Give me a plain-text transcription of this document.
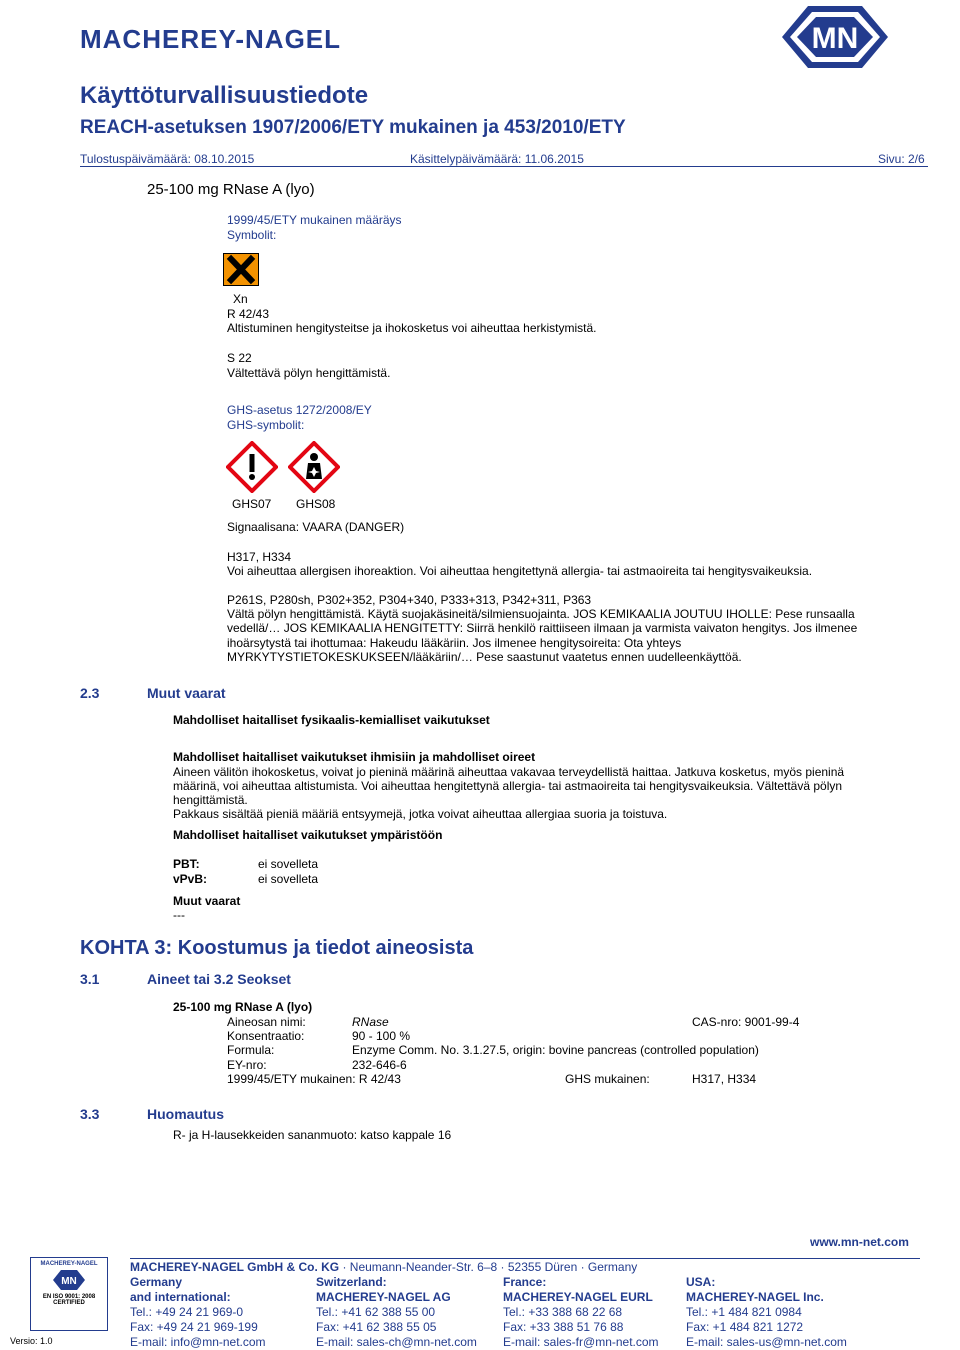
MACHEREY-NAGEL	MN
Käyttöturvallisuustiedote
REACH-asetuksen 1907/2006/ETY mukainen ja 453/2010/ETY
Tulostuspäivämäärä: 08.10.2015	Käsittelypäivämäärä: 11.06.2015	Sivu: 2/6
25-100 mg RNase A (lyo)
1999/45/ETY mukainen määräys
Symbolit:
Xn
R 42/43
Altistuminen hengitysteitse ja ihokosketus voi aiheuttaa herkistymistä.
S 22
Vältettävä pölyn hengittämistä.
GHS-asetus 1272/2008/EY
GHS-symbolit:
GHS07 GHS08
Signaalisana: VAARA (DANGER)
H317, H334
Voi aiheuttaa allergisen ihoreaktion. Voi aiheuttaa hengitettynä allergia- tai astmaoireita tai hengitysvaikeuksia.
P261S, P280sh, P302+352, P304+340, P333+313, P342+311, P363
Vältä pölyn hengittämistä. Käytä suojakäsineitä/silmiensuojainta. JOS KEMIKAALIA JOUTUU IHOLLE: Pese runsaalla
vedellä/… JOS KEMIKAALIA HENGITETTY: Siirrä henkilö raittiiseen ilmaan ja varmista vaivaton hengitys. Jos ilmenee
ihoärsytystä tai ihottumaa: Hakeudu lääkäriin. Jos ilmenee hengitysoireita: Ota yhteys
MYRKYTYSTIETOKESKUKSEEN/lääkäriin/… Pese saastunut vaatetus ennen uudelleenkäyttöä.
2.3	Muut vaarat
Mahdolliset haitalliset fysikaalis-kemialliset vaikutukset
Mahdolliset haitalliset vaikutukset ihmisiin ja mahdolliset oireet
Aineen välitön ihokosketus, voivat jo pieninä määrinä aiheuttaa vakavaa terveydellistä haittaa. Jatkuva kosketus, myös pieninä
määrinä, voi aiheuttaa altistumista. Voi aiheuttaa hengitettynä allergia- tai astmaoireita tai hengitysvaikeuksia. Vältettävä pölyn
hengittämistä.
Pakkaus sisältää pieniä määriä entsyymejä, jotka voivat aiheuttaa allergiaa suoria ja toistuva.
Mahdolliset haitalliset vaikutukset ympäristöön
PBT:	ei sovelleta
vPvB:	ei sovelleta
Muut vaarat
---
KOHTA 3: Koostumus ja tiedot aineosista
3.1	Aineet tai 3.2 Seokset
25-100 mg RNase A (lyo)
Aineosan nimi:	RNase	CAS-nro: 9001-99-4
Konsentraatio:	90 - 100 %
Formula:	Enzyme Comm. No. 3.1.27.5, origin: bovine pancreas (controlled population)
EY-nro:	232-646-6
1999/45/ETY mukainen: R 42/43	GHS mukainen:	H317, H334
3.3	Huomautus
R- ja H-lausekkeiden sananmuoto: katso kappale 16
www.mn-net.com
MACHEREY-NAGEL
MN
EN ISO 9001: 2008
CERTIFIED
Versio: 1.0
MACHEREY-NAGEL GmbH & Co. KG · Neumann-Neander-Str. 6–8 · 52355 Düren · Germany
Germany
and international:
Tel.: +49 24 21 969-0
Fax: +49 24 21 969-199
E-mail: info@mn-net.com
Switzerland:
MACHEREY-NAGEL AG
Tel.: +41 62 388 55 00
Fax: +41 62 388 55 05
E-mail: sales-ch@mn-net.com
France:
MACHEREY-NAGEL EURL
Tel.: +33 388 68 22 68
Fax: +33 388 51 76 88
E-mail: sales-fr@mn-net.com
USA:
MACHEREY-NAGEL Inc.
Tel.: +1 484 821 0984
Fax: +1 484 821 1272
E-mail: sales-us@mn-net.com
